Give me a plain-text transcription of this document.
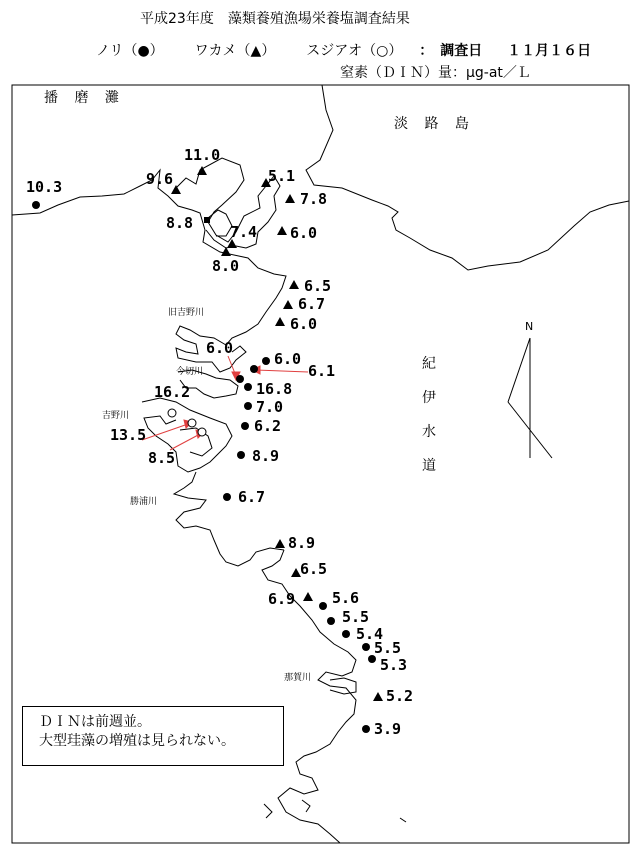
平成23年度　藻類養殖漁場栄養塩調査結果
ノリ（●） ワカメ（▲） スジアオ（○） ：　調査日 １１月１６日
窒素（ＤＩＮ）量：μg-at／Ｌ
N
播 磨 灘
淡 路 島
紀
伊
水
道
旧吉野川
今切川
吉野川
勝浦川
那賀川
10.3	9.6
11.0
5.1
7.8
8.8 7.4 6.0
8.0
6.5
6.7
6.0
6.0
6.0
6.1
16.8
7.0
16.2
13.5	6.2
8.5	8.9
6.7
8.9
6.5
6.9 5.6
5.5
5.4
5.5
5.3
5.2
3.9
ＤＩＮは前週並。
大型珪藻の増殖は見られない。
